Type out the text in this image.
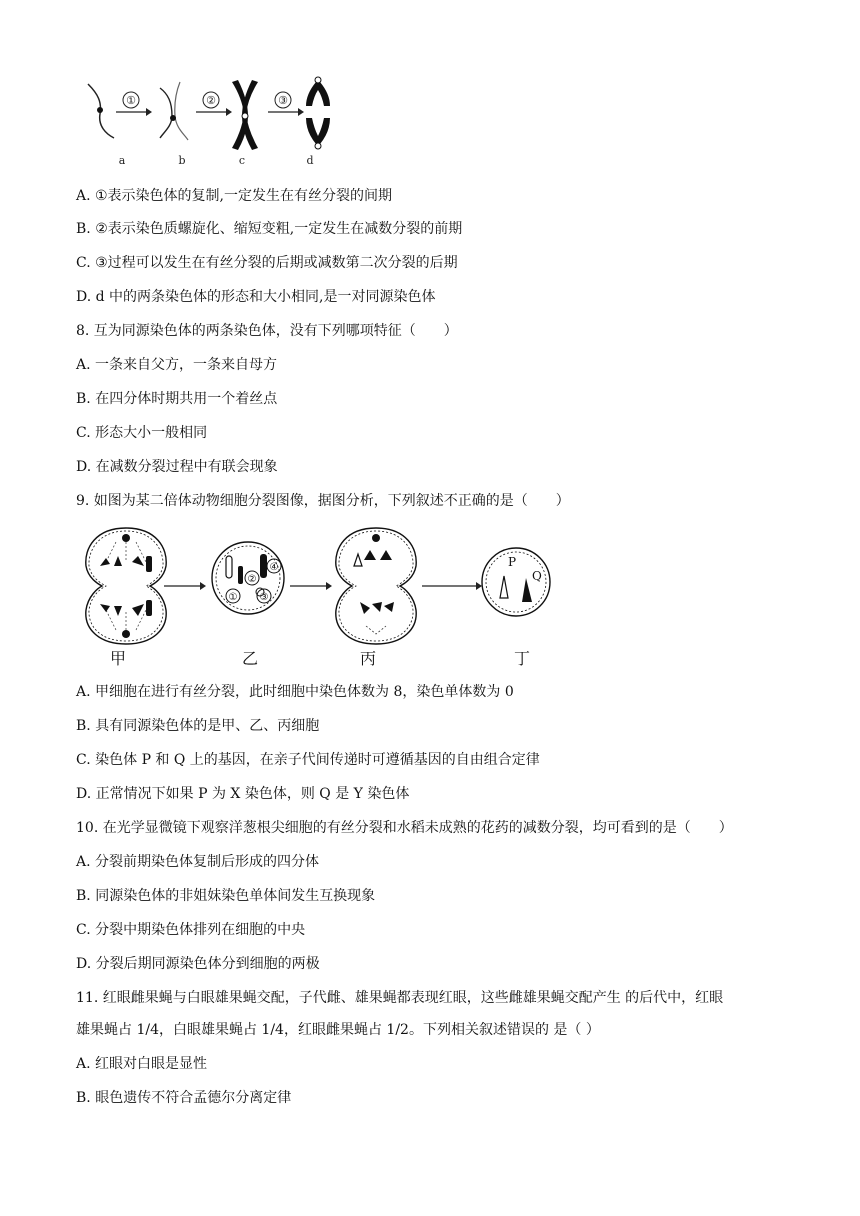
①	②	③
a	b	c	d
A. ①表示染色体的复制,一定发生在有丝分裂的间期
B. ②表示染色质螺旋化、缩短变粗,一定发生在减数分裂的前期
C. ③过程可以发生在有丝分裂的后期或减数第二次分裂的后期
D. d 中的两条染色体的形态和大小相同,是一对同源染色体
8. 互为同源染色体的两条染色体，没有下列哪项特征（　　）
A. 一条来自父方，一条来自母方
B. 在四分体时期共用一个着丝点
C. 形态大小一般相同
D. 在减数分裂过程中有联会现象
9. 如图为某二倍体动物细胞分裂图像，据图分析，下列叙述不正确的是（　　）
②
① ③
④	P
Q
甲	乙	丙	丁
A. 甲细胞在进行有丝分裂，此时细胞中染色体数为 8，染色单体数为 0
B. 具有同源染色体的是甲、乙、丙细胞
C. 染色体 P 和 Q 上的基因，在亲子代间传递时可遵循基因的自由组合定律
D. 正常情况下如果 P 为 X 染色体，则 Q 是 Y 染色体
10. 在光学显微镜下观察洋葱根尖细胞的有丝分裂和水稻未成熟的花药的减数分裂，均可看到的是（　　）
A. 分裂前期染色体复制后形成的四分体
B. 同源染色体的非姐妹染色单体间发生互换现象
C. 分裂中期染色体排列在细胞的中央
D. 分裂后期同源染色体分到细胞的两极
11. 红眼雌果蝇与白眼雄果蝇交配，子代雌、雄果蝇都表现红眼，这些雌雄果蝇交配产生 的后代中，红眼
雄果蝇占 1/4，白眼雄果蝇占 1/4，红眼雌果蝇占 1/2。下列相关叙述错误的 是（ ）
A. 红眼对白眼是显性
B. 眼色遗传不符合孟德尔分离定律
